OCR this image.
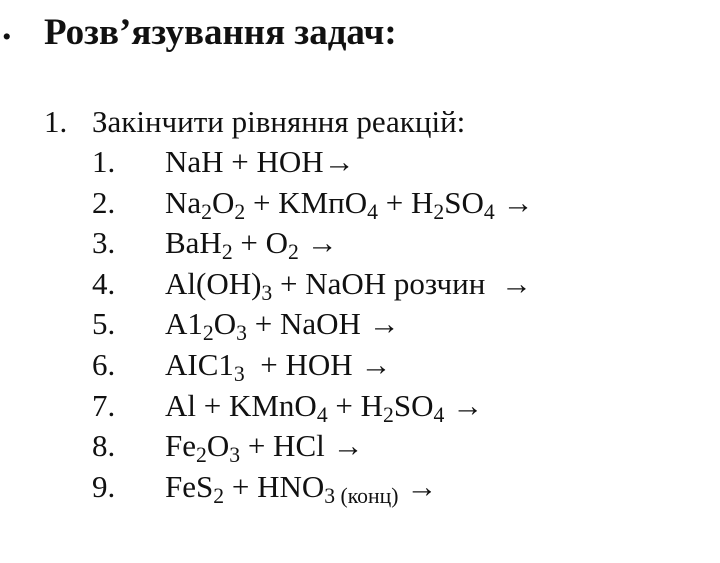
. Розв’язування задач:
1. Закінчити рівняння реакцій:
1.	NaH + HOH→
2.	$Na_2O_2$ + KMпO$_4$ + $H_2SO_4$ →
3.	$BaH_2 + O_2$ →
4.	$Al(OH)_3$ + NaOH розчин  →
5.	$A1_2O_3$ + NaOH →
6.	$AIC1_3$  + HOH →
7.	Al + KMnO$_4$ + $H_2SO_4$ →
8.	$Fe_2O_3$ + HCl →
9.	$FeS_2 + HNO_3$ (конц) →
